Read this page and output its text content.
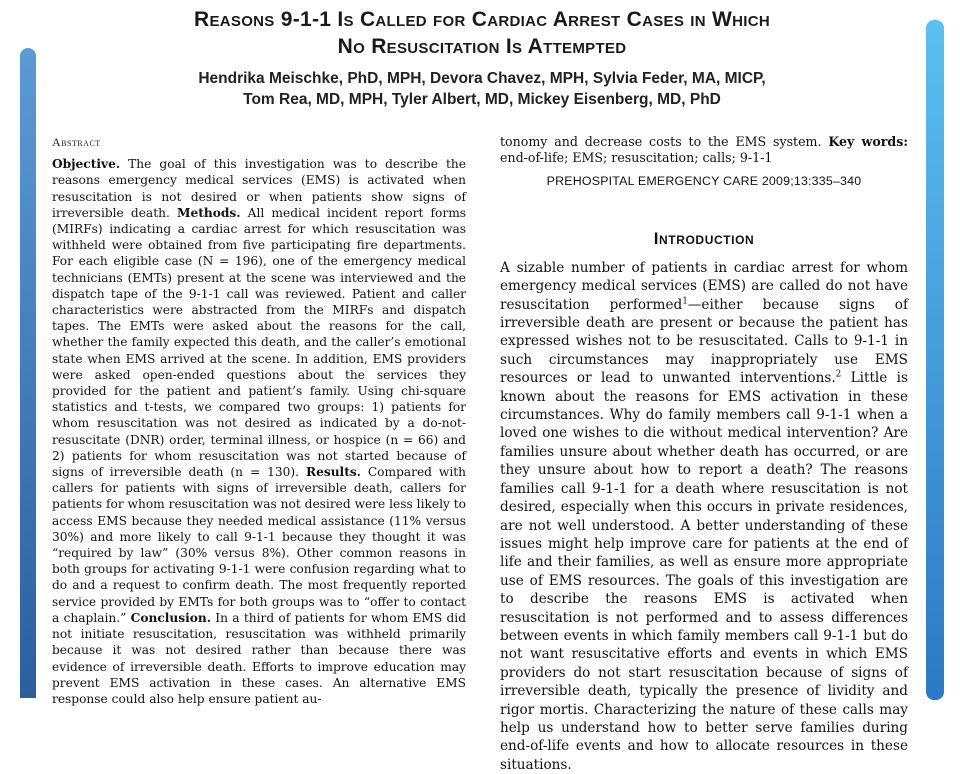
Reasons 9-1-1 Is Called for Cardiac Arrest Cases in Which
No Resuscitation Is Attempted
Hendrika Meischke, PhD, MPH, Devora Chavez, MPH, Sylvia Feder, MA, MICP,
Tom Rea, MD, MPH, Tyler Albert, MD, Mickey Eisenberg, MD, PhD
Abstract

Objective. The goal of this investigation was to describe the reasons emergency medical services (EMS) is activated when resuscitation is not desired or when patients show signs of irreversible death. Methods. All medical incident report forms (MIRFs) indicating a cardiac arrest for which resuscitation was withheld were obtained from five participating fire departments. For each eligible case (N = 196), one of the emergency medical technicians (EMTs) present at the scene was interviewed and the dispatch tape of the 9-1-1 call was reviewed. Patient and caller characteristics were abstracted from the MIRFs and dispatch tapes. The EMTs were asked about the reasons for the call, whether the family expected this death, and the caller’s emotional state when EMS arrived at the scene. In addition, EMS providers were asked open-ended questions about the services they provided for the patient and patient’s family. Using chi-square statistics and t-tests, we compared two groups: 1) patients for whom resuscitation was not desired as indicated by a do-not-resuscitate (DNR) order, terminal illness, or hospice (n = 66) and 2) patients for whom resuscitation was not started because of signs of irreversible death (n = 130). Results. Compared with callers for patients with signs of irreversible death, callers for patients for whom resuscitation was not desired were less likely to access EMS because they needed medical assistance (11% versus 30%) and more likely to call 9-1-1 because they thought it was “required by law” (30% versus 8%). Other common reasons in both groups for activating 9-1-1 were confusion regarding what to do and a request to confirm death. The most frequently reported service provided by EMTs for both groups was to “offer to contact a chaplain.” Conclusion. In a third of patients for whom EMS did not initiate resuscitation, resuscitation was withheld primarily because it was not desired rather than because there was evidence of irreversible death. Efforts to improve education may prevent EMS activation in these cases. An alternative EMS response could also help ensure patient au-

tonomy and decrease costs to the EMS system. Key words: end-of-life; EMS; resuscitation; calls; 9-1-1

PREHOSPITAL EMERGENCY CARE 2009;13:335–340
Introduction

A sizable number of patients in cardiac arrest for whom emergency medical services (EMS) are called do not have resuscitation performed$^1$—either because signs of irreversible death are present or because the patient has expressed wishes not to be resuscitated. Calls to 9-1-1 in such circumstances may inappropriately use EMS resources or lead to unwanted interventions.$^2$ Little is known about the reasons for EMS activation in these circumstances. Why do family members call 9-1-1 when a loved one wishes to die without medical intervention? Are families unsure about whether death has occurred, or are they unsure about how to report a death? The reasons families call 9-1-1 for a death where resuscitation is not desired, especially when this occurs in private residences, are not well understood. A better understanding of these issues might help improve care for patients at the end of life and their families, as well as ensure more appropriate use of EMS resources. The goals of this investigation are to describe the reasons EMS is activated when resuscitation is not performed and to assess differences between events in which family members call 9-1-1 but do not want resuscitative efforts and events in which EMS providers do not start resuscitation because of signs of irreversible death, typically the presence of lividity and rigor mortis. Characterizing the nature of these calls may help us understand how to better serve families during end-of-life events and how to allocate resources in these situations.
